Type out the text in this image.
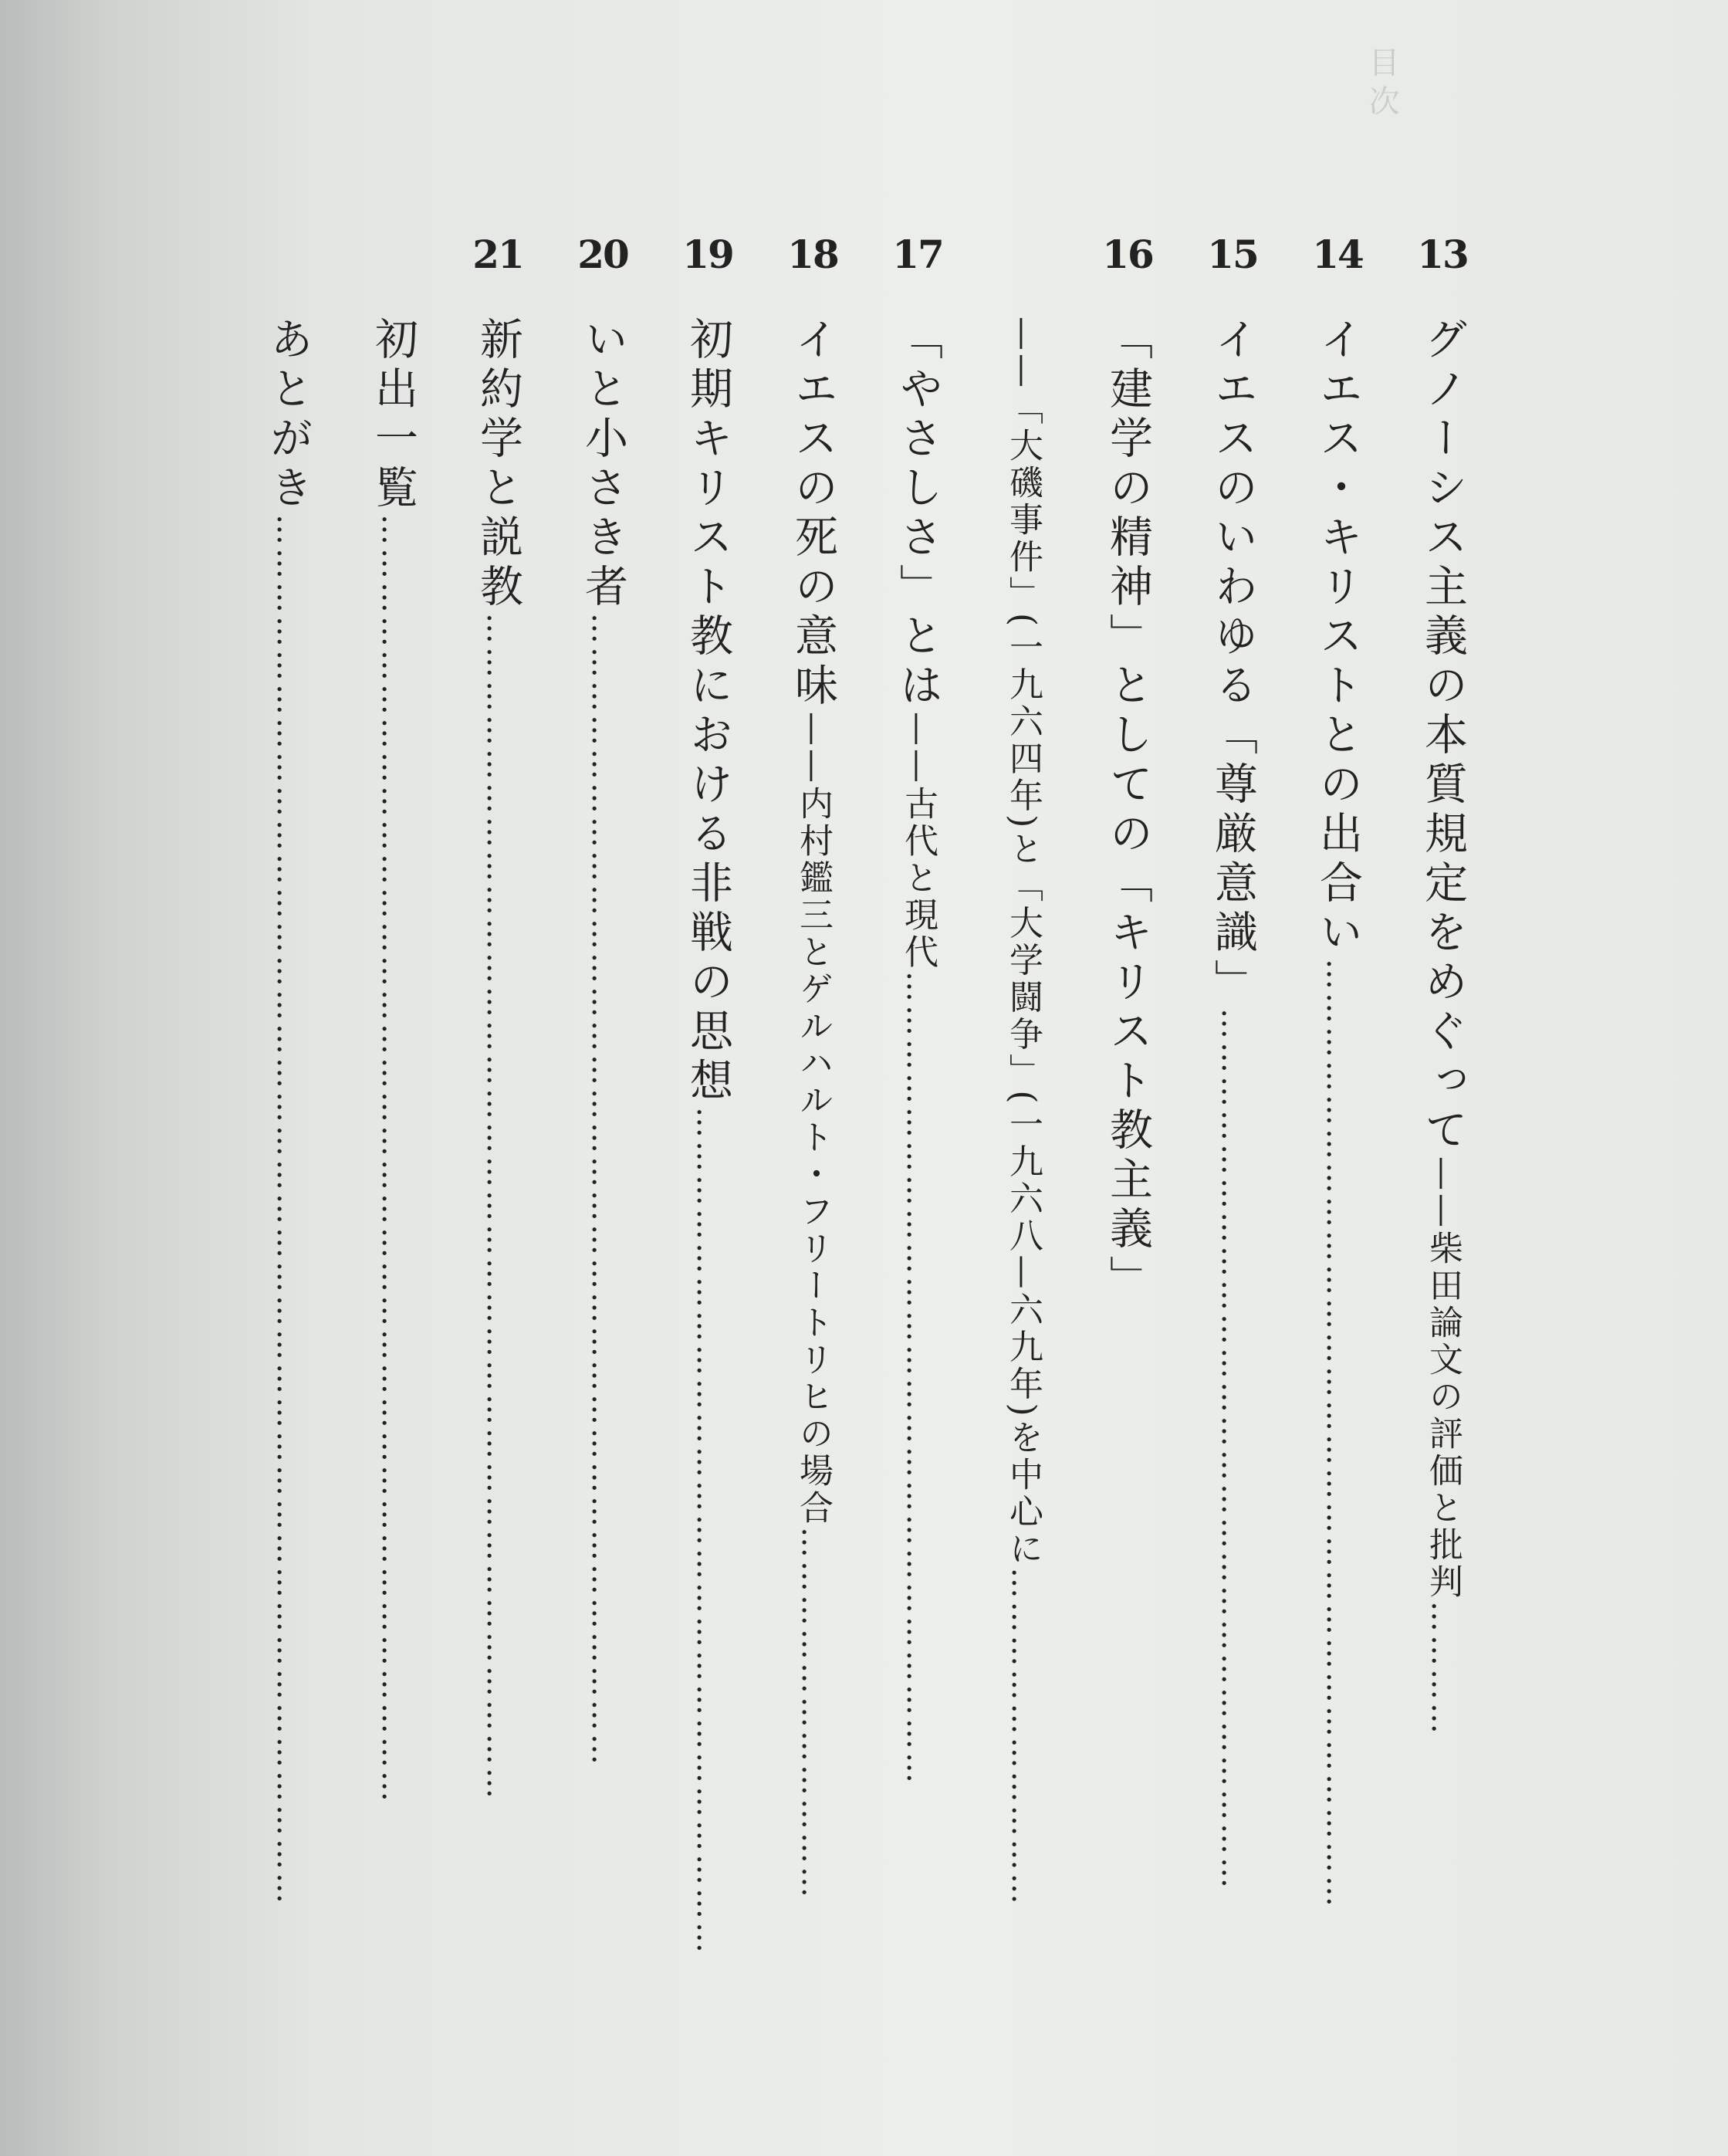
目次
13
グノーシス主義の本質規定をめぐって——柴田論文の評価と批判…………
14
イエス・キリストとの出合い…………………………………………………………………………
15
イエスのいわゆる「尊厳意識」……………………………………………………………………
16
「建学の精神」としての「キリスト教主義」
——「大磯事件」(一九六四年)と「大学闘争」(一九六八—六九年)を中心に…………………………
17
「やさしさ」とは——古代と現代………………………………………………………………
18
イエスの死の意味——内村鑑三とゲルハルト・フリートリヒの場合……………………………
19
初期キリスト教における非戦の思想…………………………………………………………………
20
いと小さき者…………………………………………………………………………………………
21
新約学と説教……………………………………………………………………………………………
初出一覧……………………………………………………………………………………………………
あとがき……………………………………………………………………………………………………………
